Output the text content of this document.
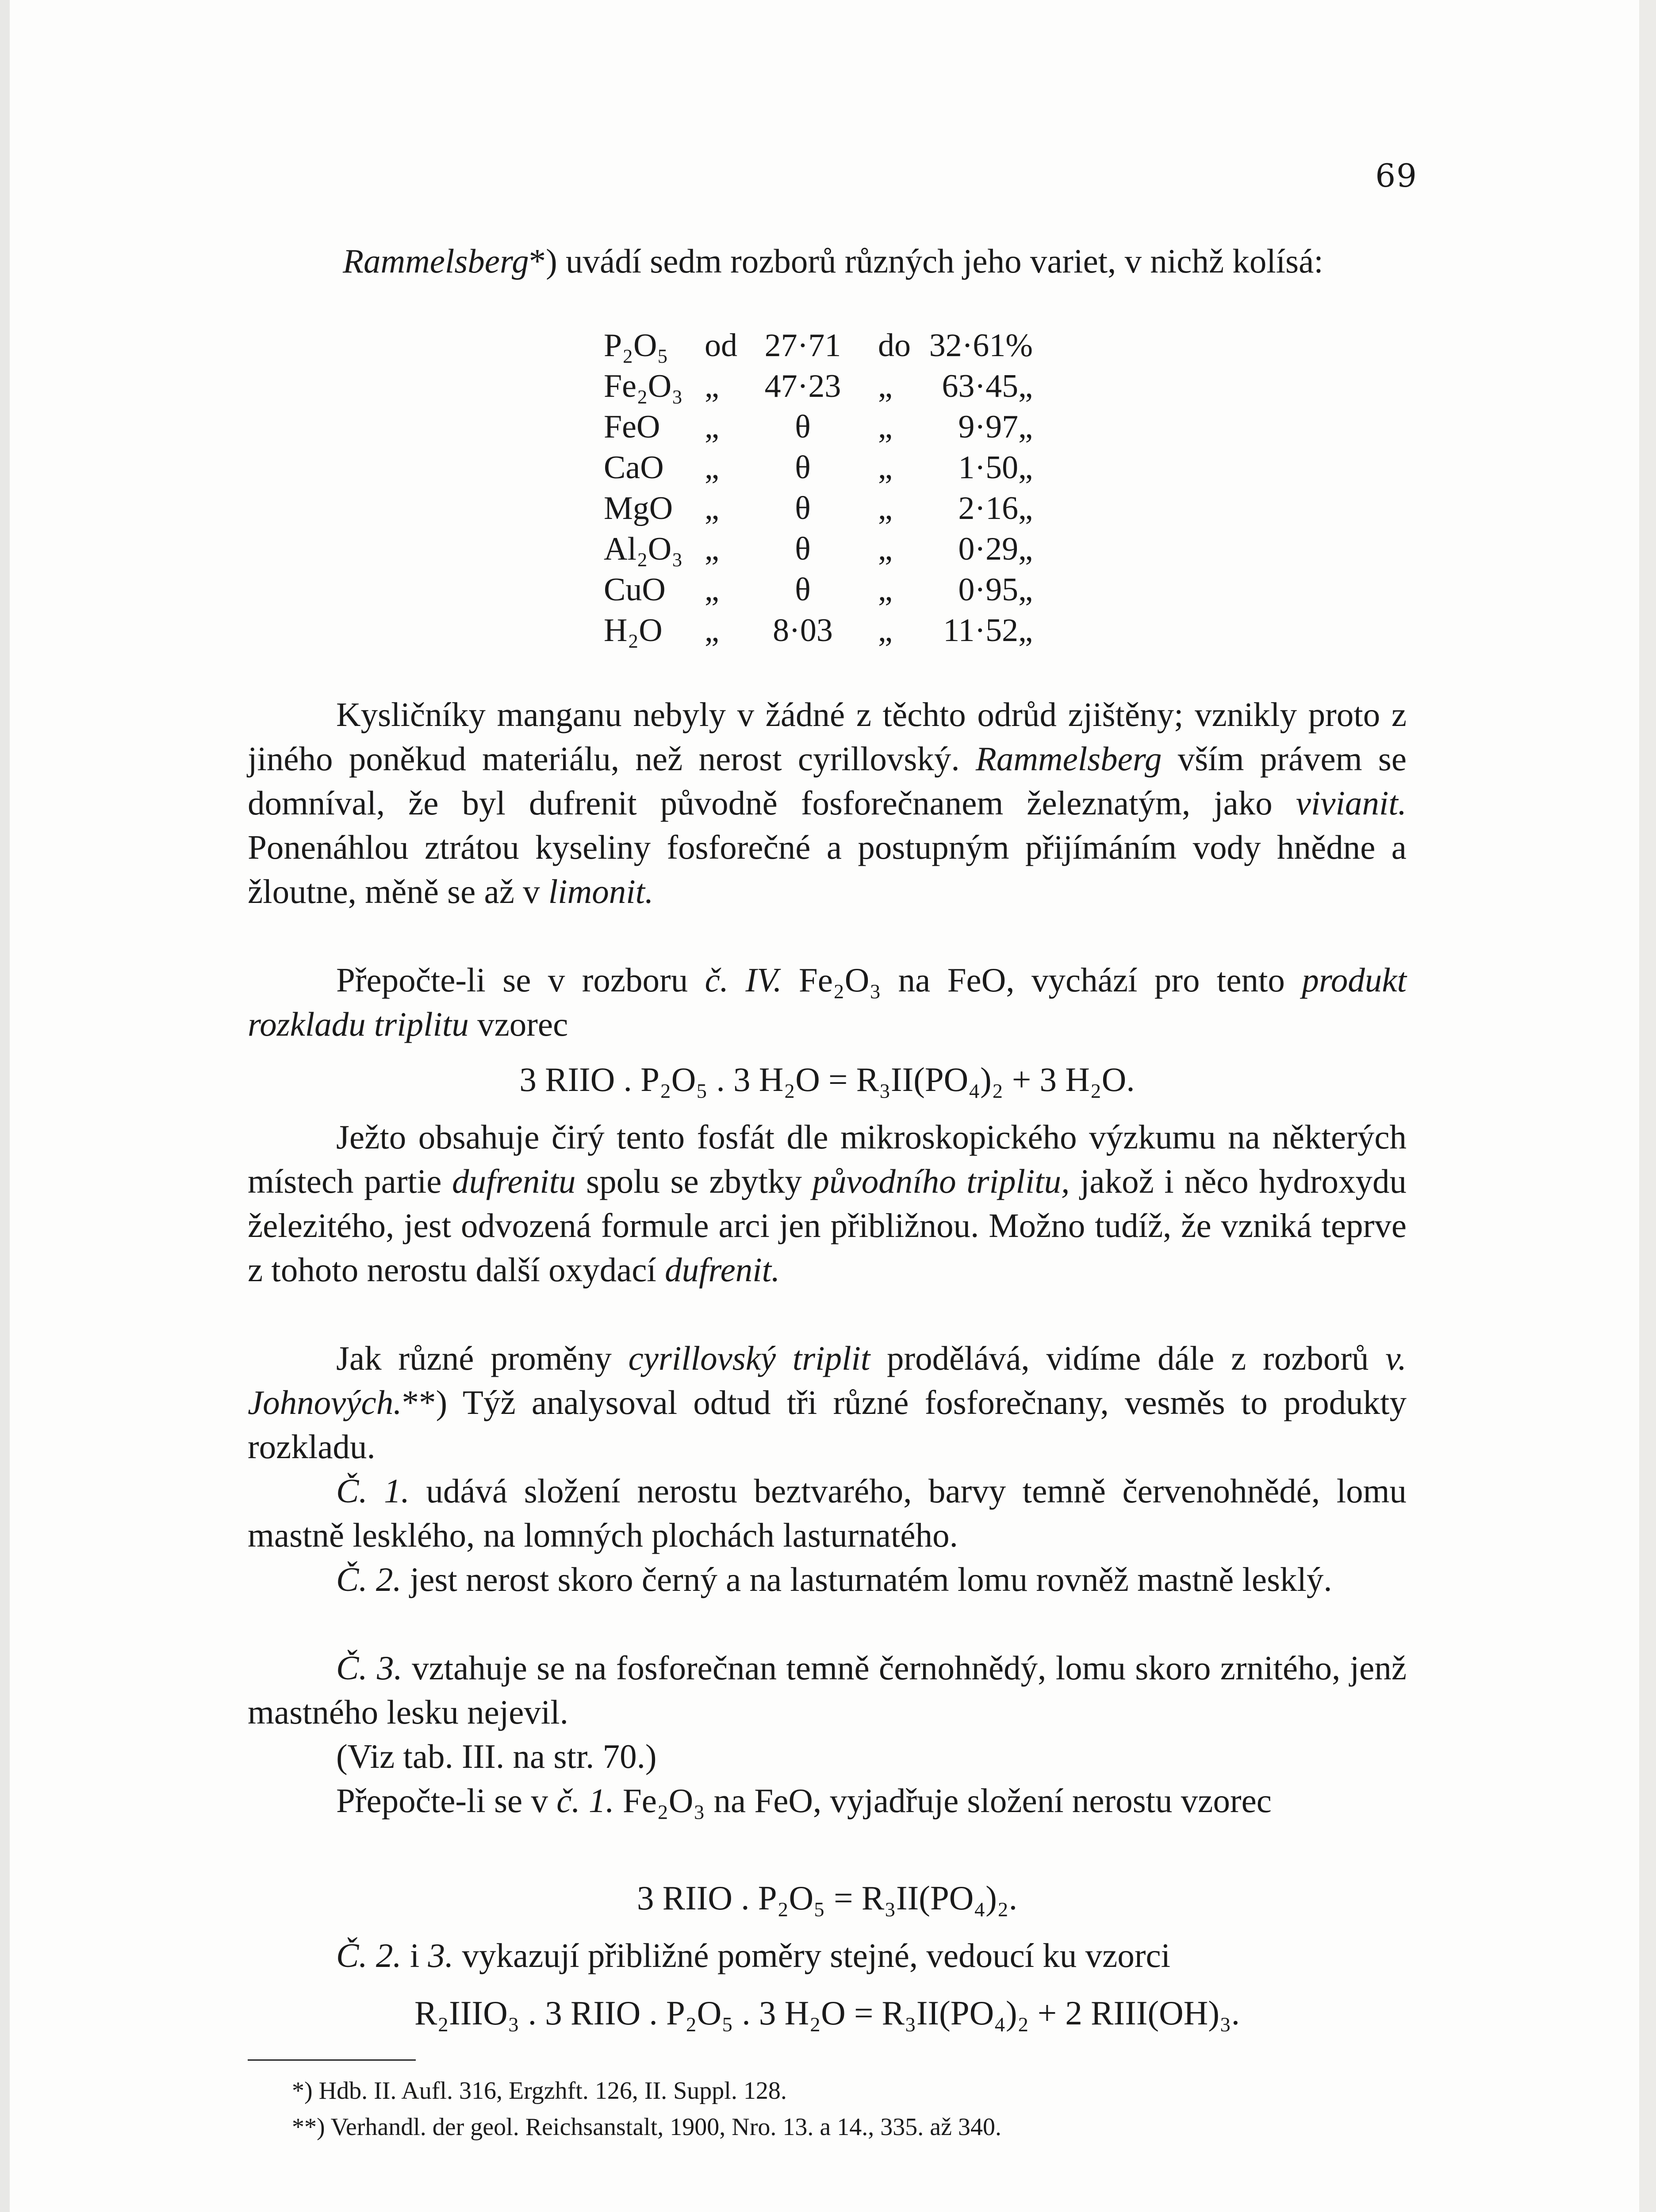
69
Rammelsberg*) uvádí sedm rozborů různých jeho variet, v nichž kolísá:
P₂O₅ od 27·71	do 32·61%
Fe₂O₃ „	47·23	„	63·45„
FeO „	θ	„	9·97„
CaO „	θ	„	1·50„
MgO „	θ	„	2·16„
Al₂O₃ „	θ	„	0·29„
CuO „	θ	„	0·95„
H₂O „	8·03	„	11·52„
Kysličníky manganu nebyly v žádné z těchto odrůd zjištěny; vznikly proto z jiného poněkud materiálu, než nerost cyrillovský. Rammelsberg vším právem se domníval, že byl dufrenit původně fosforečnanem železnatým, jako vivianit. Ponenáhlou ztrátou kyseliny fosforečné a postupným přijímáním vody hnědne a žloutne, měně se až v limonit.
Přepočte-li se v rozboru č. IV. Fe₂O₃ na FeO, vychází pro tento produkt rozkladu triplitu vzorec
3 RIIO . P₂O₅ . 3 H₂O = R₃II(PO₄)₂ + 3 H₂O.
Ježto obsahuje čirý tento fosfát dle mikroskopického výzkumu na některých místech partie dufrenitu spolu se zbytky původního triplitu, jakož i něco hydroxydu železitého, jest odvozená formule arci jen přibližnou. Možno tudíž, že vzniká teprve z tohoto nerostu další oxydací dufrenit.
Jak různé proměny cyrillovský triplit prodělává, vidíme dále z rozborů v. Johnových.**) Týž analysoval odtud tři různé fosforečnany, vesměs to produkty rozkladu.
Č. 1. udává složení nerostu beztvarého, barvy temně červenohnědé, lomu mastně lesklého, na lomných plochách lasturnatého.
Č. 2. jest nerost skoro černý a na lasturnatém lomu rovněž mastně lesklý.
Č. 3. vztahuje se na fosforečnan temně černohnědý, lomu skoro zrnitého, jenž mastného lesku nejevil.
(Viz tab. III. na str. 70.)
Přepočte-li se v č. 1. Fe₂O₃ na FeO, vyjadřuje složení nerostu vzorec
3 RIIO . P₂O₅ = R₃II(PO₄)₂.
Č. 2. i 3. vykazují přibližné poměry stejné, vedoucí ku vzorci
R₂IIIO₃ . 3 RIIO . P₂O₅ . 3 H₂O = R₃II(PO₄)₂ + 2 RIII(OH)₃.
*) Hdb. II. Aufl. 316, Ergzhft. 126, II. Suppl. 128.
**) Verhandl. der geol. Reichsanstalt, 1900, Nro. 13. a 14., 335. až 340.
